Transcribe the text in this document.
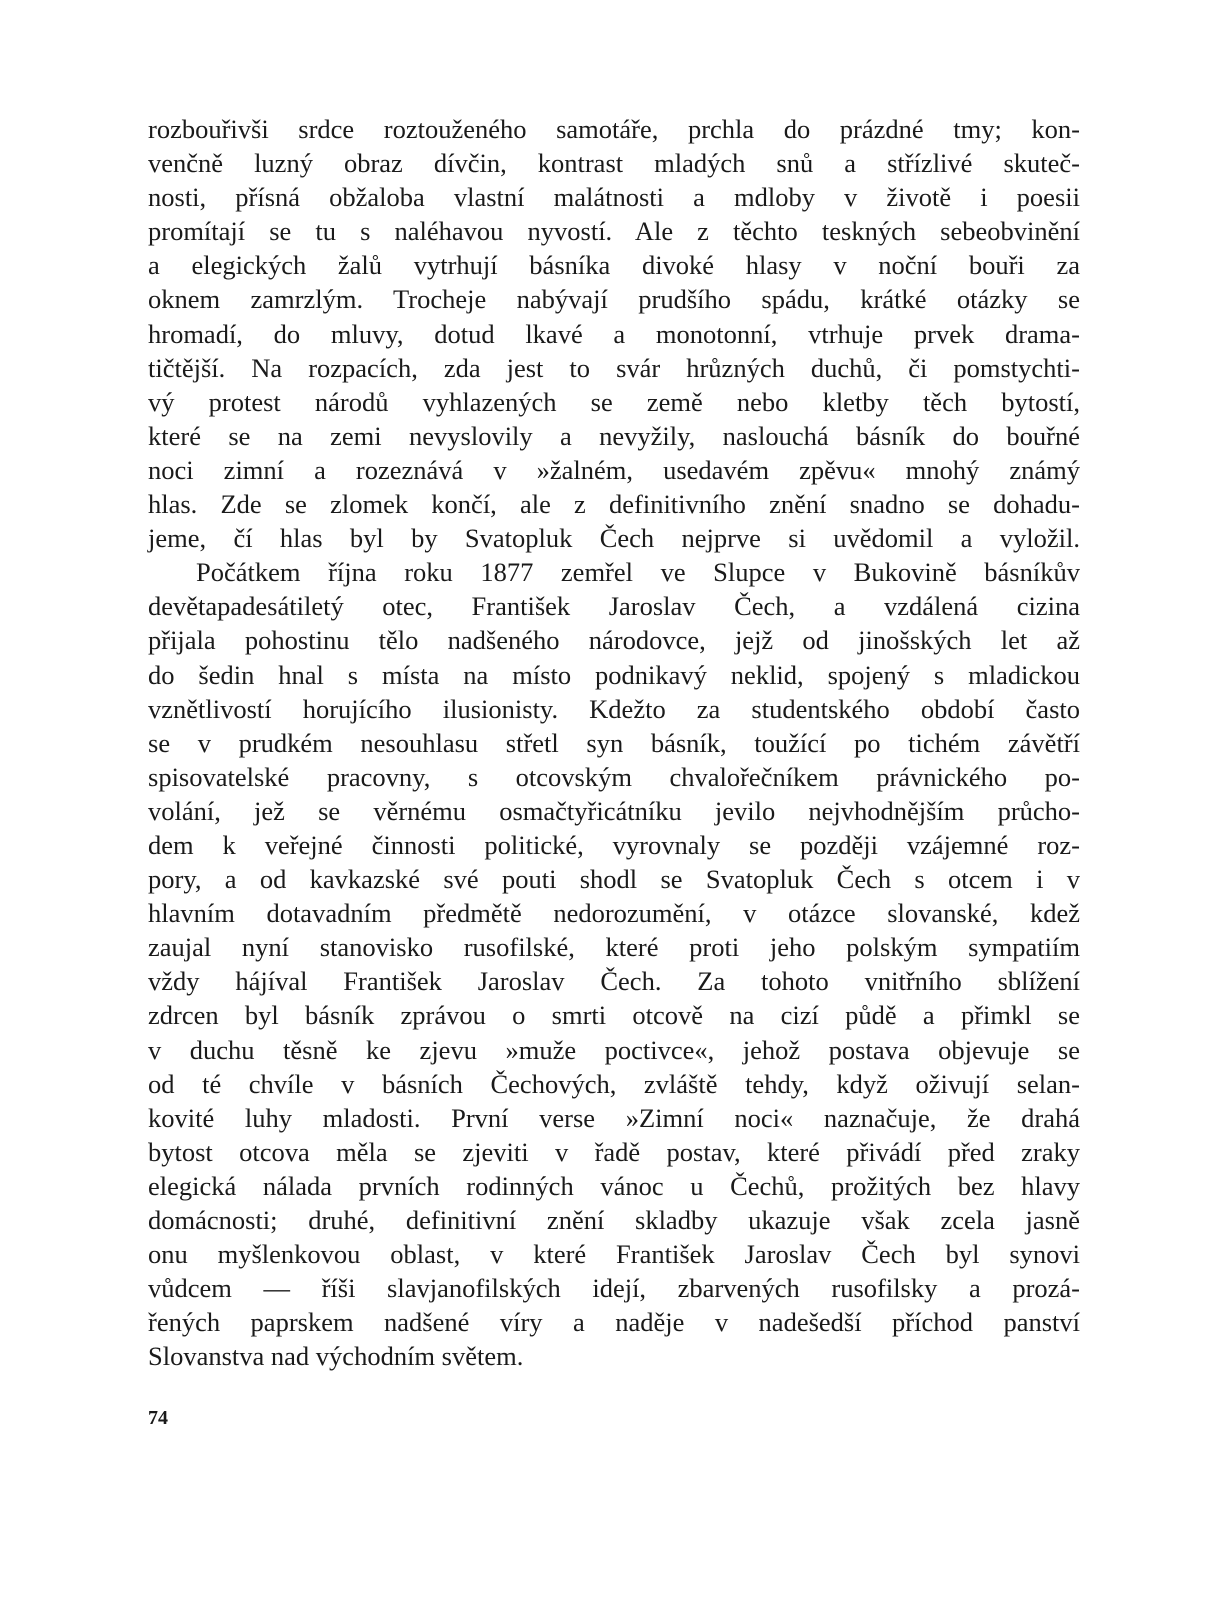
rozbouřivši srdce roztouženého samotáře, prchla do prázdné tmy; kon-
venčně luzný obraz dívčin, kontrast mladých snů a střízlivé skuteč-
nosti, přísná obžaloba vlastní malátnosti a mdloby v životě i poesii
promítají se tu s naléhavou nyvostí. Ale z těchto teskných sebeobvinění
a elegických žalů vytrhují básníka divoké hlasy v noční bouři za
oknem zamrzlým. Trocheje nabývají prudšího spádu, krátké otázky se
hromadí, do mluvy, dotud lkavé a monotonní, vtrhuje prvek drama-
tičtější. Na rozpacích, zda jest to svár hrůzných duchů, či pomstychti-
vý protest národů vyhlazených se země nebo kletby těch bytostí,
které se na zemi nevyslovily a nevyžily, naslouchá básník do bouřné
noci zimní a rozeznává v »žalném, usedavém zpěvu« mnohý známý
hlas. Zde se zlomek končí, ale z definitivního znění snadno se dohadu-
jeme, čí hlas byl by Svatopluk Čech nejprve si uvědomil a vyložil.
Počátkem října roku 1877 zemřel ve Slupce v Bukovině básníkův
devětapadesátiletý otec, František Jaroslav Čech, a vzdálená cizina
přijala pohostinu tělo nadšeného národovce, jejž od jinošských let až
do šedin hnal s místa na místo podnikavý neklid, spojený s mladickou
vznětlivostí horujícího ilusionisty. Kdežto za studentského období často
se v prudkém nesouhlasu střetl syn básník, toužící po tichém závětří
spisovatelské pracovny, s otcovským chvalořečníkem právnického po-
volání, jež se věrnému osmačtyřicátníku jevilo nejvhodnějším průcho-
dem k veřejné činnosti politické, vyrovnaly se později vzájemné roz-
pory, a od kavkazské své pouti shodl se Svatopluk Čech s otcem i v
hlavním dotavadním předmětě nedorozumění, v otázce slovanské, kdež
zaujal nyní stanovisko rusofilské, které proti jeho polským sympatiím
vždy hájíval František Jaroslav Čech. Za tohoto vnitřního sblížení
zdrcen byl básník zprávou o smrti otcově na cizí půdě a přimkl se
v duchu těsně ke zjevu »muže poctivce«, jehož postava objevuje se
od té chvíle v básních Čechových, zvláště tehdy, když oživují selan-
kovité luhy mladosti. První verse »Zimní noci« naznačuje, že drahá
bytost otcova měla se zjeviti v řadě postav, které přivádí před zraky
elegická nálada prvních rodinných vánoc u Čechů, prožitých bez hlavy
domácnosti; druhé, definitivní znění skladby ukazuje však zcela jasně
onu myšlenkovou oblast, v které František Jaroslav Čech byl synovi
vůdcem — říši slavjanofilských idejí, zbarvených rusofilsky a prozá-
řených paprskem nadšené víry a naděje v nadešedší příchod panství
Slovanstva nad východním světem.
74
